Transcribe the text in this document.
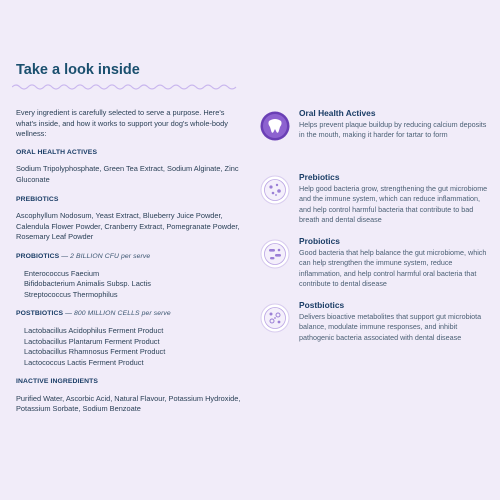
Take a look inside

Every ingredient is carefully selected to serve a purpose. Here's what's inside, and how it works to support your dog's whole-body wellness:

ORAL HEALTH ACTIVES

Sodium Tripolyphosphate, Green Tea Extract, Sodium Alginate, Zinc Gluconate

PREBIOTICS

Ascophyllum Nodosum, Yeast Extract, Blueberry Juice Powder, Calendula Flower Powder, Cranberry Extract, Pomegranate Powder, Rosemary Leaf Powder

PROBIOTICS — 2 BILLION CFU per serve

Enterococcus Faecium
Bifidobacterium Animalis Subsp. Lactis
Streptococcus Thermophilus

POSTBIOTICS — 800 MILLION CELLS per serve

Lactobacillus Acidophilus Ferment Product
Lactobacillus Plantarum Ferment Product
Lactobacillus Rhamnosus Ferment Product
Lactococcus Lactis Ferment Product

INACTIVE INGREDIENTS

Purified Water, Ascorbic Acid, Natural Flavour, Potassium Hydroxide, Potassium Sorbate, Sodium Benzoate

Oral Health Actives

Helps prevent plaque buildup by reducing calcium deposits in the mouth, making it harder for tartar to form

Prebiotics

Help good bacteria grow, strengthening the gut microbiome and the immune system, which can reduce inflammation, and help control harmful bacteria that contribute to bad breath and dental disease

Probiotics

Good bacteria that help balance the gut microbiome, which can help strengthen the immune system, reduce inflammation, and help control harmful oral bacteria that contribute to dental disease

Postbiotics

Delivers bioactive metabolites that support gut microbiota balance, modulate immune responses, and inhibit pathogenic bacteria associated with dental disease
